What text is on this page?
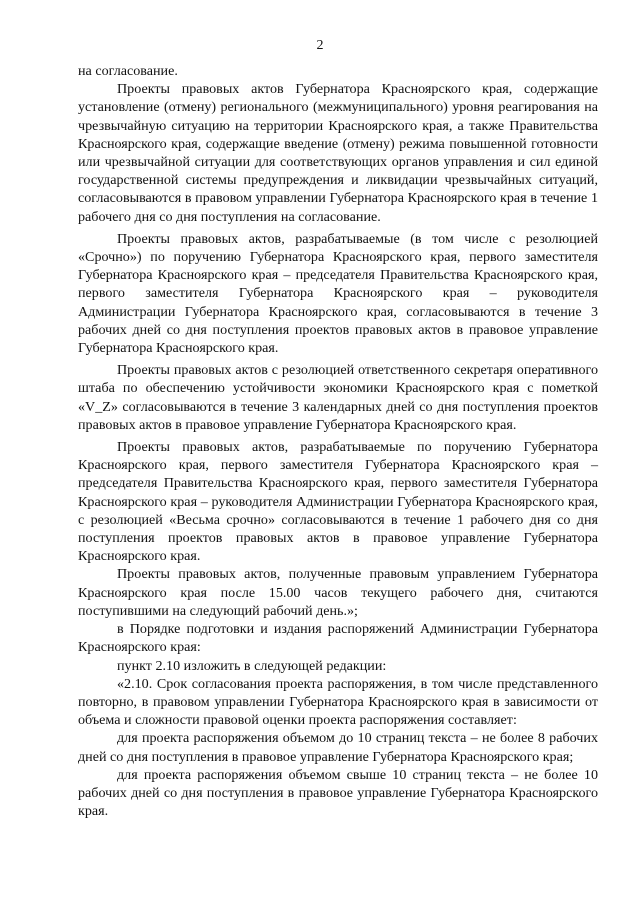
2

на согласование.

Проекты правовых актов Губернатора Красноярского края, содержащие установление (отмену) регионального (межмуниципального) уровня реагирования на чрезвычайную ситуацию на территории Красноярского края, а также Правительства Красноярского края, содержащие введение (отмену) режима повышенной готовности или чрезвычайной ситуации для соответствующих органов управления и сил единой государственной системы предупреждения и ликвидации чрезвычайных ситуаций, согласовываются в правовом управлении Губернатора Красноярского края в течение 1 рабочего дня со дня поступления на согласование.

Проекты правовых актов, разрабатываемые (в том числе с резолюцией «Срочно») по поручению Губернатора Красноярского края, первого заместителя Губернатора Красноярского края – председателя Правительства Красноярского края, первого заместителя Губернатора Красноярского края – руководителя Администрации Губернатора Красноярского края, согласовываются в течение 3 рабочих дней со дня поступления проектов правовых актов в правовое управление Губернатора Красноярского края.

Проекты правовых актов с резолюцией ответственного секретаря оперативного штаба по обеспечению устойчивости экономики Красноярского края с пометкой «V_Z» согласовываются в течение 3 календарных дней со дня поступления проектов правовых актов в правовое управление Губернатора Красноярского края.

Проекты правовых актов, разрабатываемые по поручению Губернатора Красноярского края, первого заместителя Губернатора Красноярского края – председателя Правительства Красноярского края, первого заместителя Губернатора Красноярского края – руководителя Администрации Губернатора Красноярского края, с резолюцией «Весьма срочно» согласовываются в течение 1 рабочего дня со дня поступления проектов правовых актов в правовое управление Губернатора Красноярского края.

Проекты правовых актов, полученные правовым управлением Губернатора Красноярского края после 15.00 часов текущего рабочего дня, считаются поступившими на следующий рабочий день.»;

в Порядке подготовки и издания распоряжений Администрации Губернатора Красноярского края:

пункт 2.10 изложить в следующей редакции:

«2.10. Срок согласования проекта распоряжения, в том числе представленного повторно, в правовом управлении Губернатора Красноярского края в зависимости от объема и сложности правовой оценки проекта распоряжения составляет:

для проекта распоряжения объемом до 10 страниц текста – не более 8 рабочих дней со дня поступления в правовое управление Губернатора Красноярского края;

для проекта распоряжения объемом свыше 10 страниц текста – не более 10 рабочих дней со дня поступления в правовое управление Губернатора Красноярского края.
